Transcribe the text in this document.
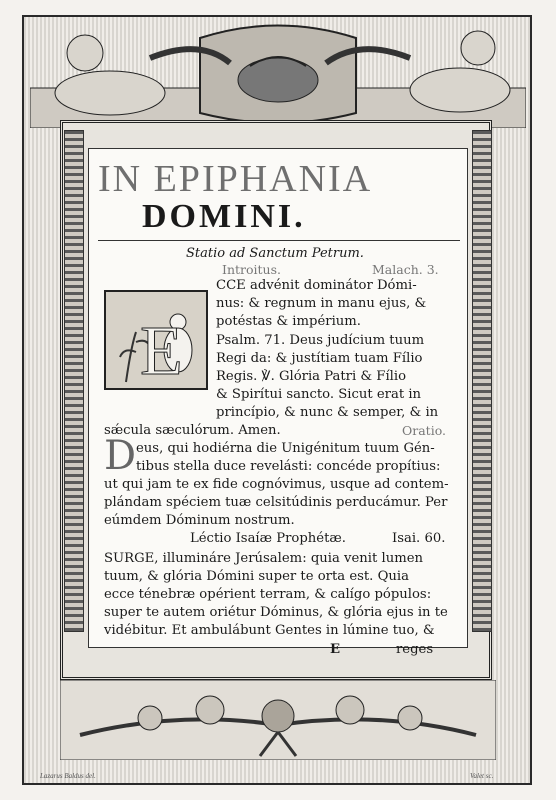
IN EPIPHANIA
DOMINI.
Statio ad Sanctum Petrum.
Introitus.	Malach. 3.
E
CCE advénit dominátor Dómi-
nus: & regnum in manu ejus, &
potéstas & impérium.
Psalm. 71. Deus judícium tuum
Regi da: & justítiam tuam Fílio
Regis. ℣. Glória Patri & Fílio
& Spirítui sancto. Sicut erat in
princípio, & nunc & semper, & in
sǽcula sæculórum. Amen.	Oratio.
D eus, qui hodiérna die Unigénitum tuum Gén-
tibus stella duce revelásti: concéde propítius:
ut qui jam te ex fide cognóvimus, usque ad contem-
plándam spéciem tuæ celsitúdinis perducámur. Per
eúmdem Dóminum nostrum.
Léctio Isaíæ Prophétæ.	Isai. 60.
SURGE, illumináre Jerúsalem: quia venit lumen
tuum, & glória Dómini super te orta est. Quia
ecce ténebræ opérient terram, & calígo pópulos:
super te autem oriétur Dóminus, & glória ejus in te
vidébitur. Et ambulábunt Gentes in lúmine tuo, &
E	reges
Lazarus Baldus del.	Valet sc.
